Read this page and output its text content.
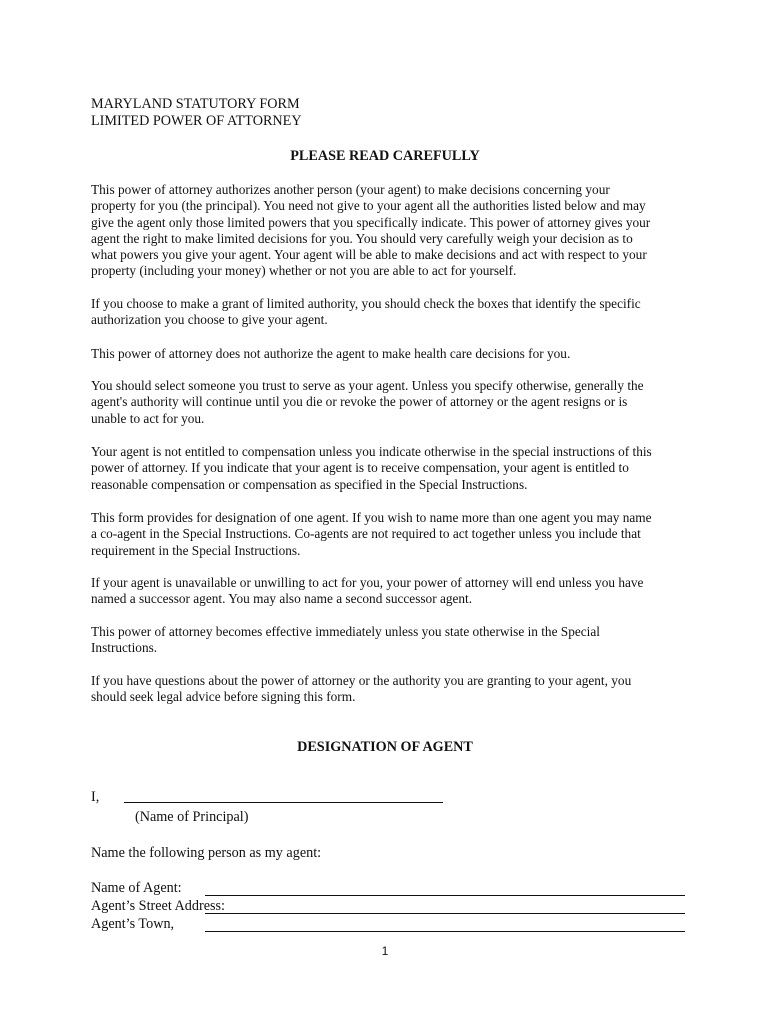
MARYLAND STATUTORY FORM
LIMITED POWER OF ATTORNEY
PLEASE READ CAREFULLY
This power of attorney authorizes another person (your agent) to make decisions concerning your
property for you (the principal). You need not give to your agent all the authorities listed below and may
give the agent only those limited powers that you specifically indicate. This power of attorney gives your
agent the right to make limited decisions for you. You should very carefully weigh your decision as to
what powers you give your agent. Your agent will be able to make decisions and act with respect to your
property (including your money) whether or not you are able to act for yourself.
If you choose to make a grant of limited authority, you should check the boxes that identify the specific
authorization you choose to give your agent.
This power of attorney does not authorize the agent to make health care decisions for you.
You should select someone you trust to serve as your agent. Unless you specify otherwise, generally the
agent's authority will continue until you die or revoke the power of attorney or the agent resigns or is
unable to act for you.
Your agent is not entitled to compensation unless you indicate otherwise in the special instructions of this
power of attorney. If you indicate that your agent is to receive compensation, your agent is entitled to
reasonable compensation or compensation as specified in the Special Instructions.
This form provides for designation of one agent. If you wish to name more than one agent you may name
a co-agent in the Special Instructions. Co-agents are not required to act together unless you include that
requirement in the Special Instructions.
If your agent is unavailable or unwilling to act for you, your power of attorney will end unless you have
named a successor agent. You may also name a second successor agent.
This power of attorney becomes effective immediately unless you state otherwise in the Special
Instructions.
If you have questions about the power of attorney or the authority you are granting to your agent, you
should seek legal advice before signing this form.
DESIGNATION OF AGENT
I,
(Name of Principal)
Name the following person as my agent:
Name of Agent:
Agent’s Street Address:
Agent’s Town,
1
